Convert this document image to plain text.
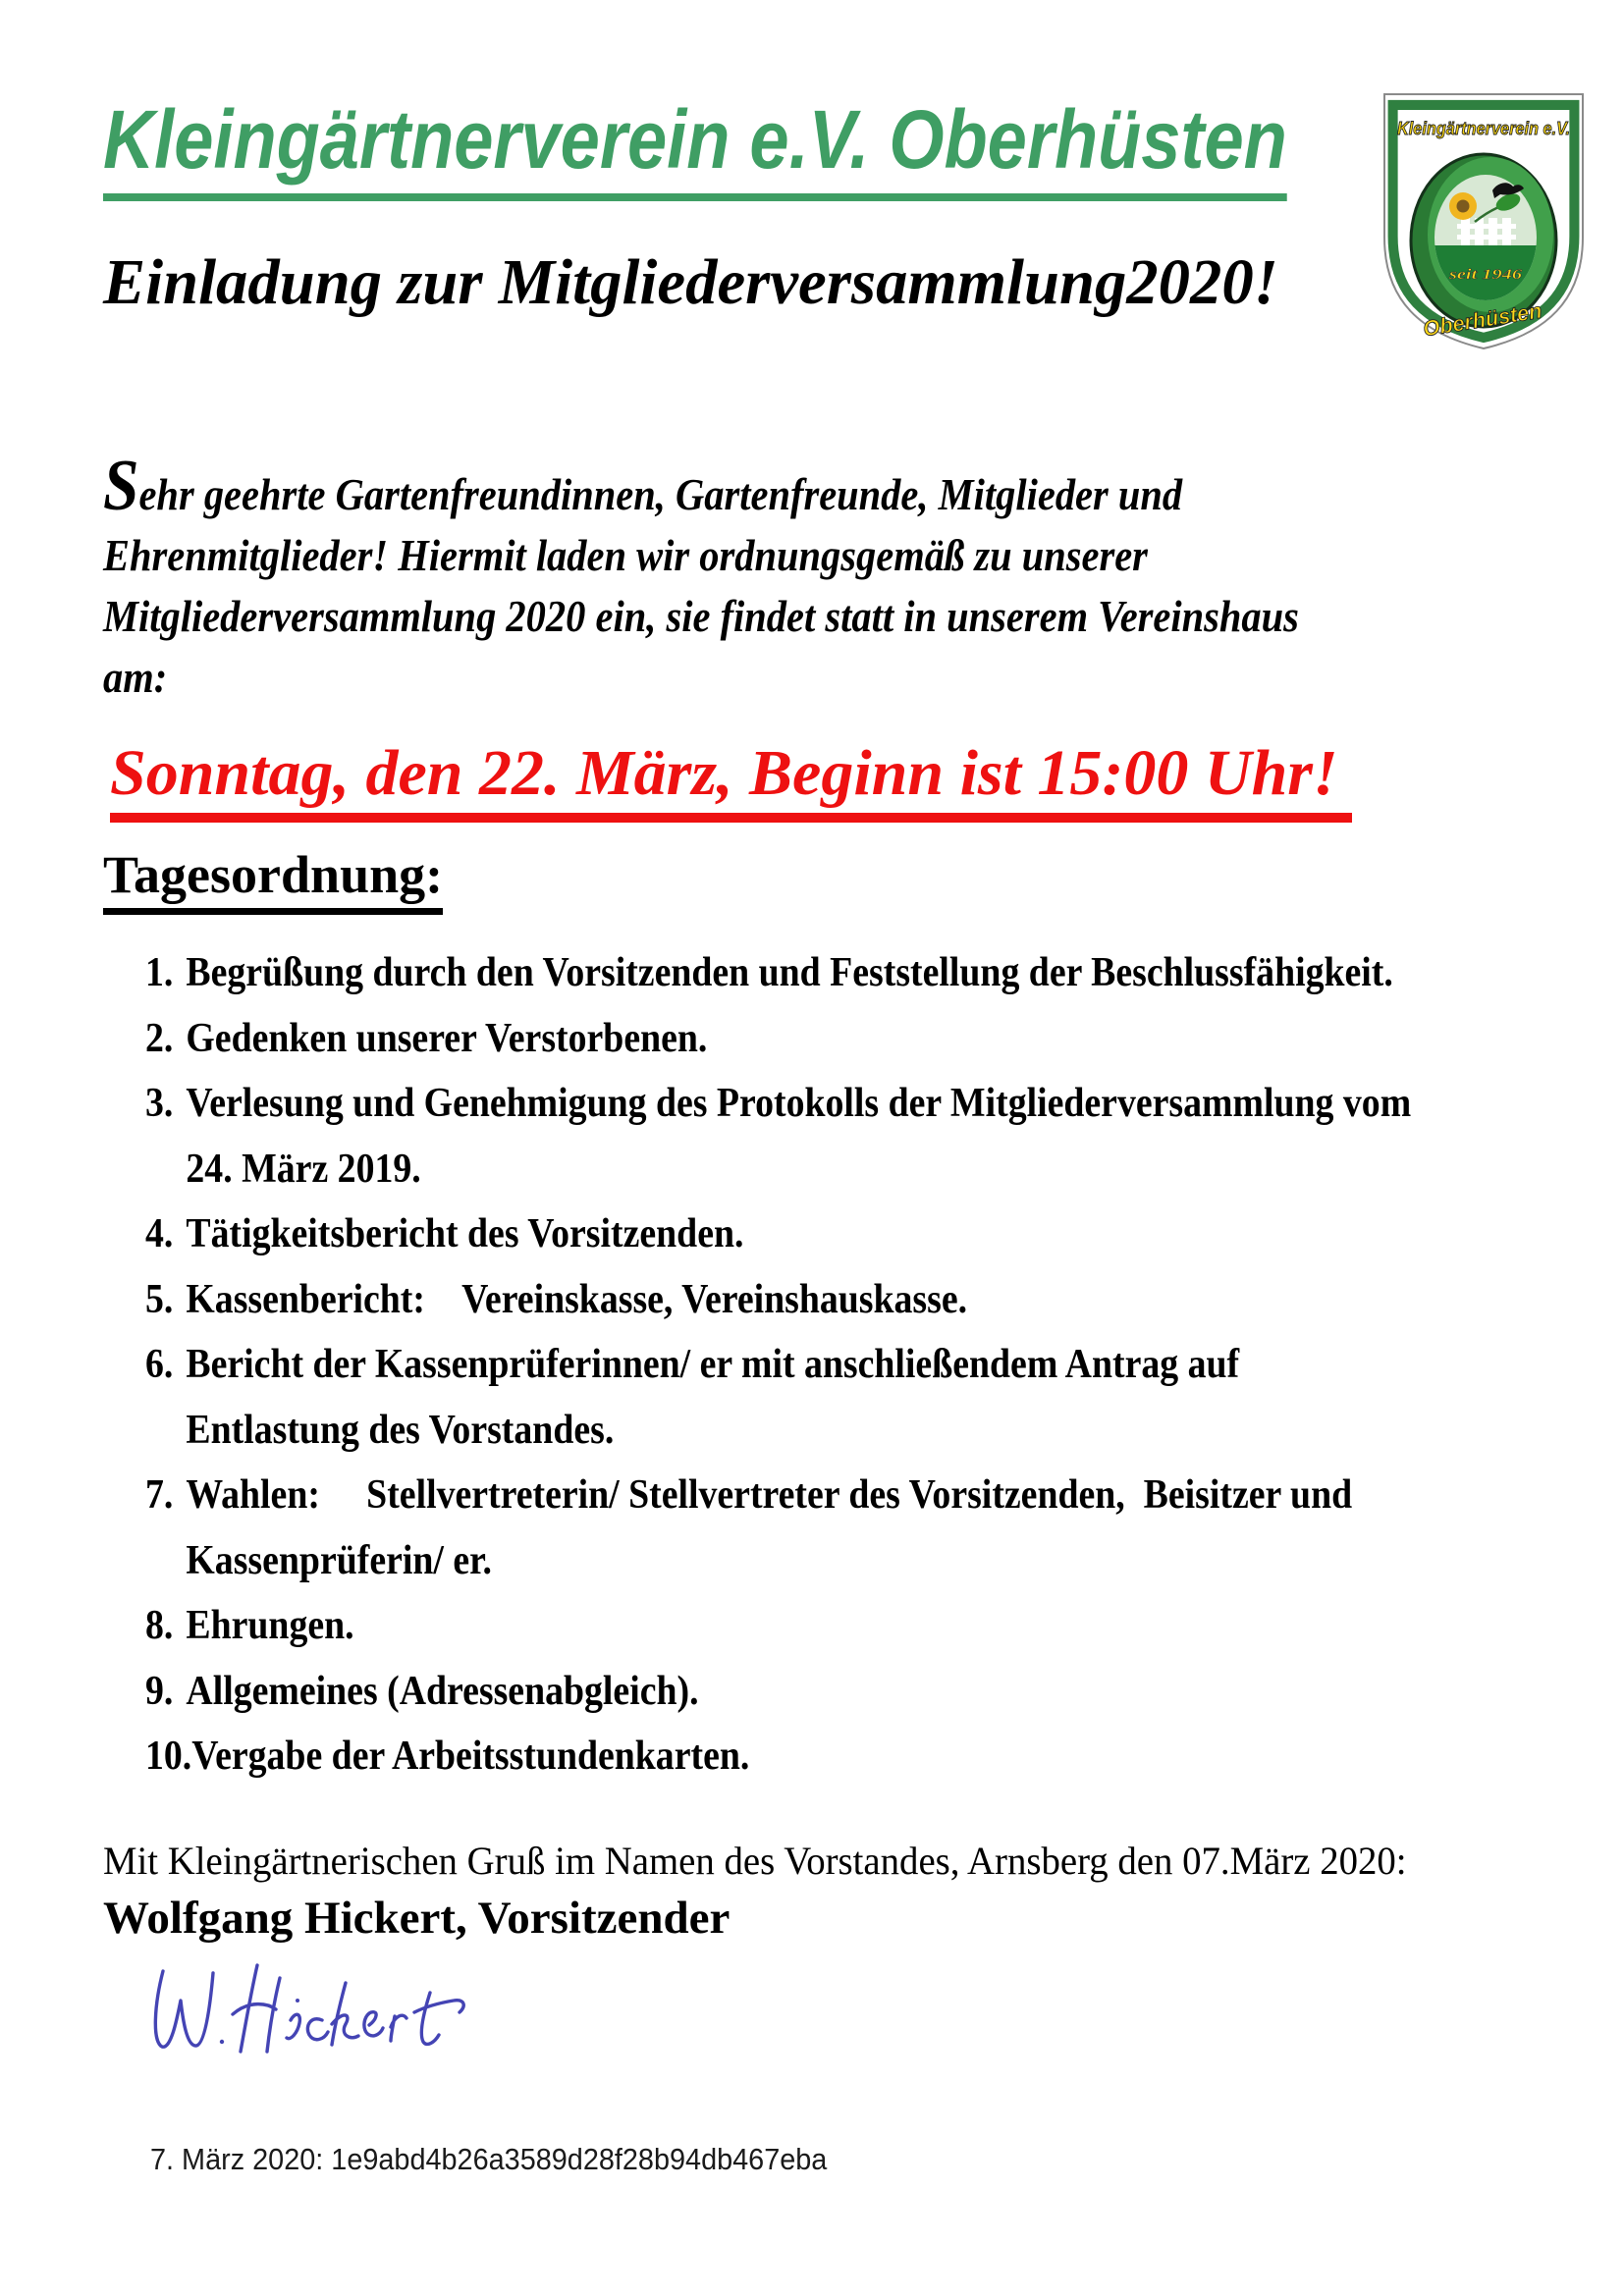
Kleingärtnerverein e.V. Oberhüsten
Einladung zur Mitgliederversammlung2020!
Kleingärtnerverein e.V.
seit 1946
Oberhüsten
Sehr geehrte Gartenfreundinnen, Gartenfreunde, Mitglieder und
Ehrenmitglieder! Hiermit laden wir ordnungsgemäß zu unserer
Mitgliederversammlung 2020 ein, sie findet statt in unserem Vereinshaus
am:
Sonntag, den 22. März, Beginn ist 15:00 Uhr!
Tagesordnung:
1. Begrüßung durch den Vorsitzenden und Feststellung der Beschlussfähigkeit.
2. Gedenken unserer Verstorbenen.
3. Verlesung und Genehmigung des Protokolls der Mitgliederversammlung vom
24. März 2019.
4. Tätigkeitsbericht des Vorsitzenden.
5. Kassenbericht:    Vereinskasse, Vereinshauskasse.
6. Bericht der Kassenprüferinnen/ er mit anschließendem Antrag auf
Entlastung des Vorstandes.
7. Wahlen:     Stellvertreterin/ Stellvertreter des Vorsitzenden,  Beisitzer und
Kassenprüferin/ er.
8. Ehrungen.
9. Allgemeines (Adressenabgleich).
10.Vergabe der Arbeitsstundenkarten.
Mit Kleingärtnerischen Gruß im Namen des Vorstandes, Arnsberg den 07.März 2020:
Wolfgang Hickert, Vorsitzender
7. März 2020: 1e9abd4b26a3589d28f28b94db467eba
